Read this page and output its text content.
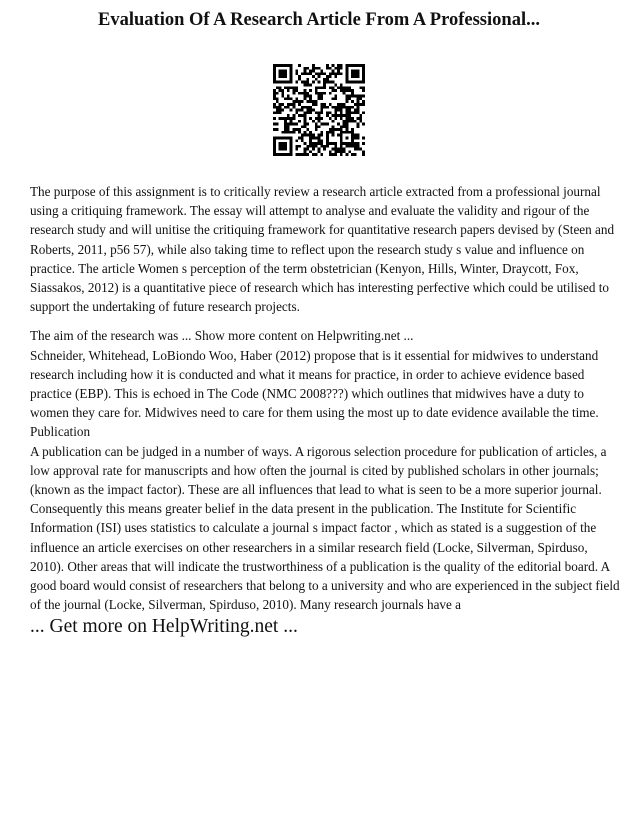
Evaluation Of A Research Article From A Professional...

The purpose of this assignment is to critically review a research article extracted from a professional journal using a critiquing framework. The essay will attempt to analyse and evaluate the validity and rigour of the research study and will unitise the critiquing framework for quantitative research papers devised by (Steen and Roberts, 2011, p56 57), while also taking time to reflect upon the research study s value and influence on practice. The article Women s perception of the term obstetrician (Kenyon, Hills, Winter, Draycott, Fox, Siassakos, 2012) is a quantitative piece of research which has interesting perfective which could be utilised to support the undertaking of future research projects.

The aim of the research was ... Show more content on Helpwriting.net ...

Schneider, Whitehead, LoBiondo Woo, Haber (2012) propose that is it essential for midwives to understand research including how it is conducted and what it means for practice, in order to achieve evidence based practice (EBP). This is echoed in The Code (NMC 2008???) which outlines that midwives have a duty to women they care for. Midwives need to care for them using the most up to date evidence available the time.

Publication

A publication can be judged in a number of ways. A rigorous selection procedure for publication of articles, a low approval rate for manuscripts and how often the journal is cited by published scholars in other journals; (known as the impact factor). These are all influences that lead to what is seen to be a more superior journal. Consequently this means greater belief in the data present in the publication. The Institute for Scientific Information (ISI) uses statistics to calculate a journal s impact factor , which as stated is a suggestion of the influence an article exercises on other researchers in a similar research field (Locke, Silverman, Spirduso, 2010). Other areas that will indicate the trustworthiness of a publication is the quality of the editorial board. A good board would consist of researchers that belong to a university and who are experienced in the subject field of the journal (Locke, Silverman, Spirduso, 2010). Many research journals have a

... Get more on HelpWriting.net ...
